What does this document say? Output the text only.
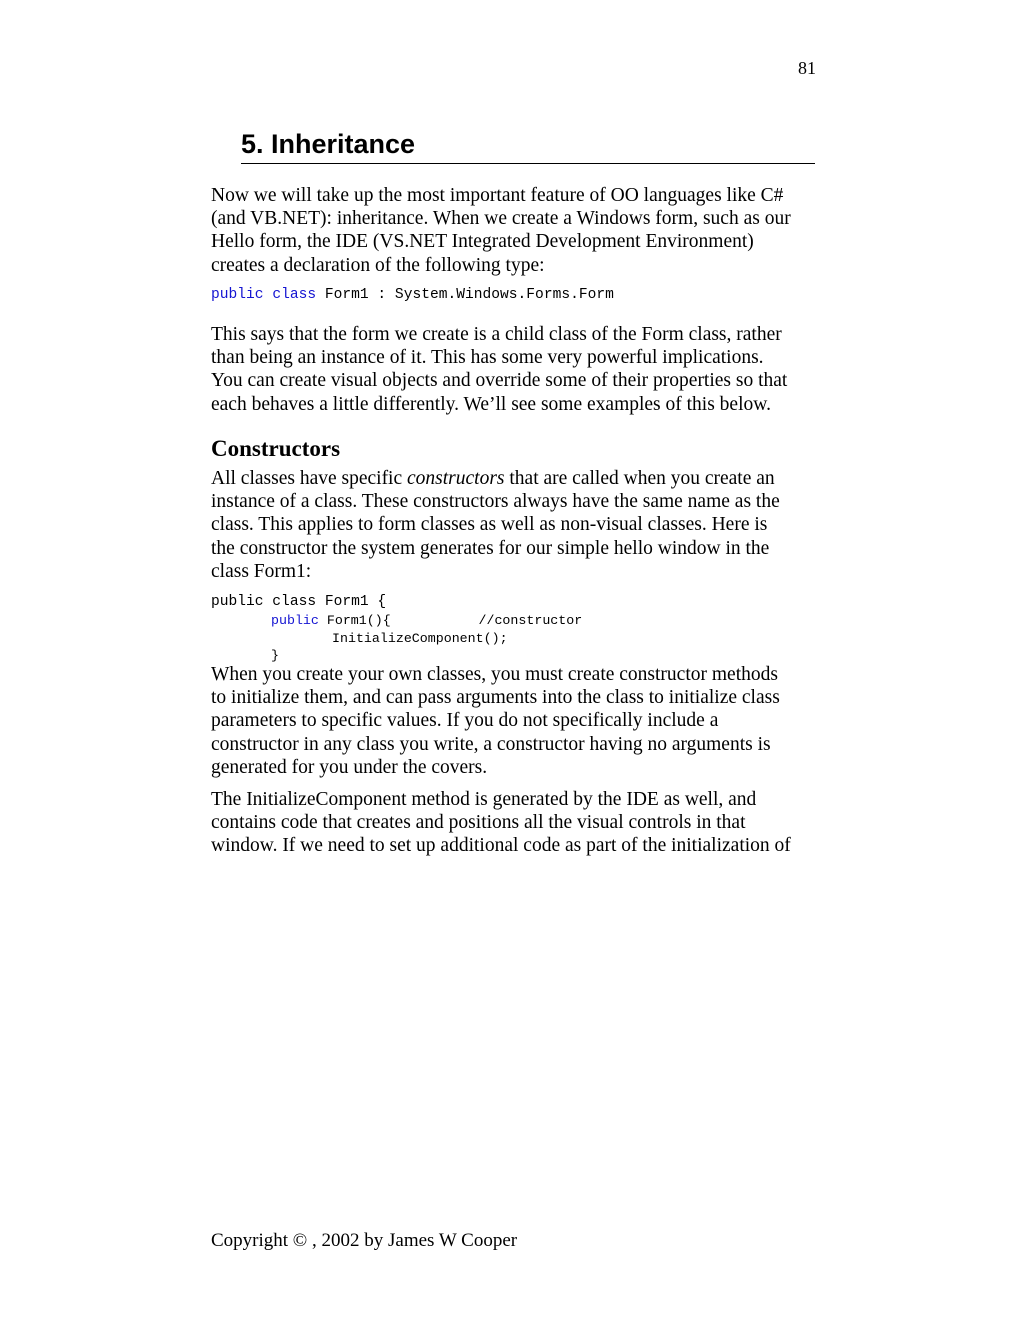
81
5. Inheritance

Now we will take up the most important feature of OO languages like C#
(and VB.NET): inheritance. When we create a Windows form, such as our
Hello form, the IDE (VS.NET Integrated Development Environment)
creates a declaration of the following type:

public class Form1 : System.Windows.Forms.Form

This says that the form we create is a child class of the Form class, rather
than being an instance of it. This has some very powerful implications.
You can create visual objects and override some of their properties so that
each behaves a little differently. We’ll see some examples of this below.

Constructors

All classes have specific constructors that are called when you create an
instance of a class. These constructors always have the same name as the
class. This applies to form classes as well as non-visual classes. Here is
the constructor the system generates for our simple hello window in the
class Form1:

public class Form1 {
public Form1(){           //constructor
InitializeComponent();
}

When you create your own classes, you must create constructor methods
to initialize them, and can pass arguments into the class to initialize class
parameters to specific values. If you do not specifically include a
constructor in any class you write, a constructor having no arguments is
generated for you under the covers.

The InitializeComponent method is generated by the IDE as well, and
contains code that creates and positions all the visual controls in that
window. If we need to set up additional code as part of the initialization of

Copyright © , 2002 by James W Cooper
